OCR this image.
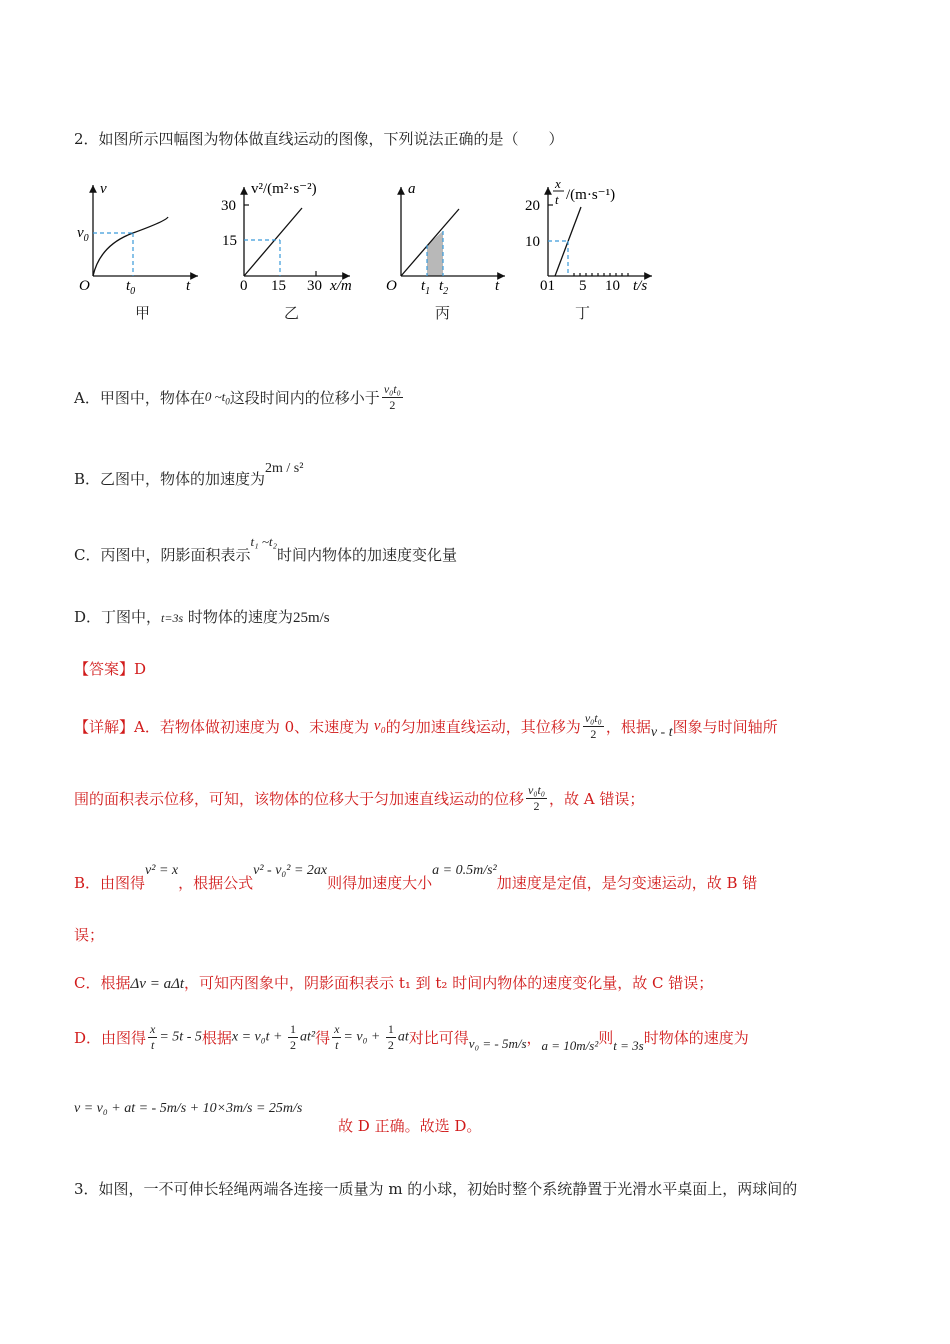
2．如图所示四幅图为物体做直线运动的图像，下列说法正确的是（　　）
v
$v_0$
O $t_0$	t
v²/(m²·s⁻²)
30
15
0 15 30 x/m
a
O $t_1$ $t_2$	t
x
t /(m·s⁻¹)
20
10
01 5 10 t/s
甲	乙	丙	丁
A．甲图中，物体在0 $\sim t_0$这段时间内的位移小于 $\frac{\text{v₀t₀}}{2}$
B．乙图中，物体的加速度为2m / s²
C．丙图中，阴影面积表示t₁ ~t₂时间内物体的加速度变化量
D．丁图中，t=3s 时物体的速度为25m/s
【答案】D
【详解】A．若物体做初速度为 0、末速度为 v₀的匀加速直线运动，其位移为 $\frac{\text{v₀t₀}}{2}$ ，根据v - t图象与时间轴所
围的面积表示位移，可知，该物体的位移大于匀加速直线运动的位移 $\frac{\text{v₀t₀}}{2}$ ，故 A 错误；
B．由图得v² = x，根据公式v² - v₀² = 2ax则得加速度大小a = 0.5m/s²加速度是定值，是匀变速运动，故 B 错
误；
C．根据Δv = aΔt，可知丙图象中，阴影面积表示 t₁ 到 t₂ 时间内物体的速度变化量，故 C 错误；
D．由图得 $\frac{x}{t} = 5t - 5$根据$x = v_0t + \frac{1}{2} at^2$得 $\frac{x}{t} = v_0 + \frac{1}{2}$ at对比可得v₀ = - 5m/s，a = 10m/s²则t = 3s时物体的速度为
v = v₀ + at = - 5m/s + 10×3m/s = 25m/s
故 D 正确。故选 D。
3．如图，一不可伸长轻绳两端各连接一质量为 m 的小球，初始时整个系统静置于光滑水平桌面上，两球间的
